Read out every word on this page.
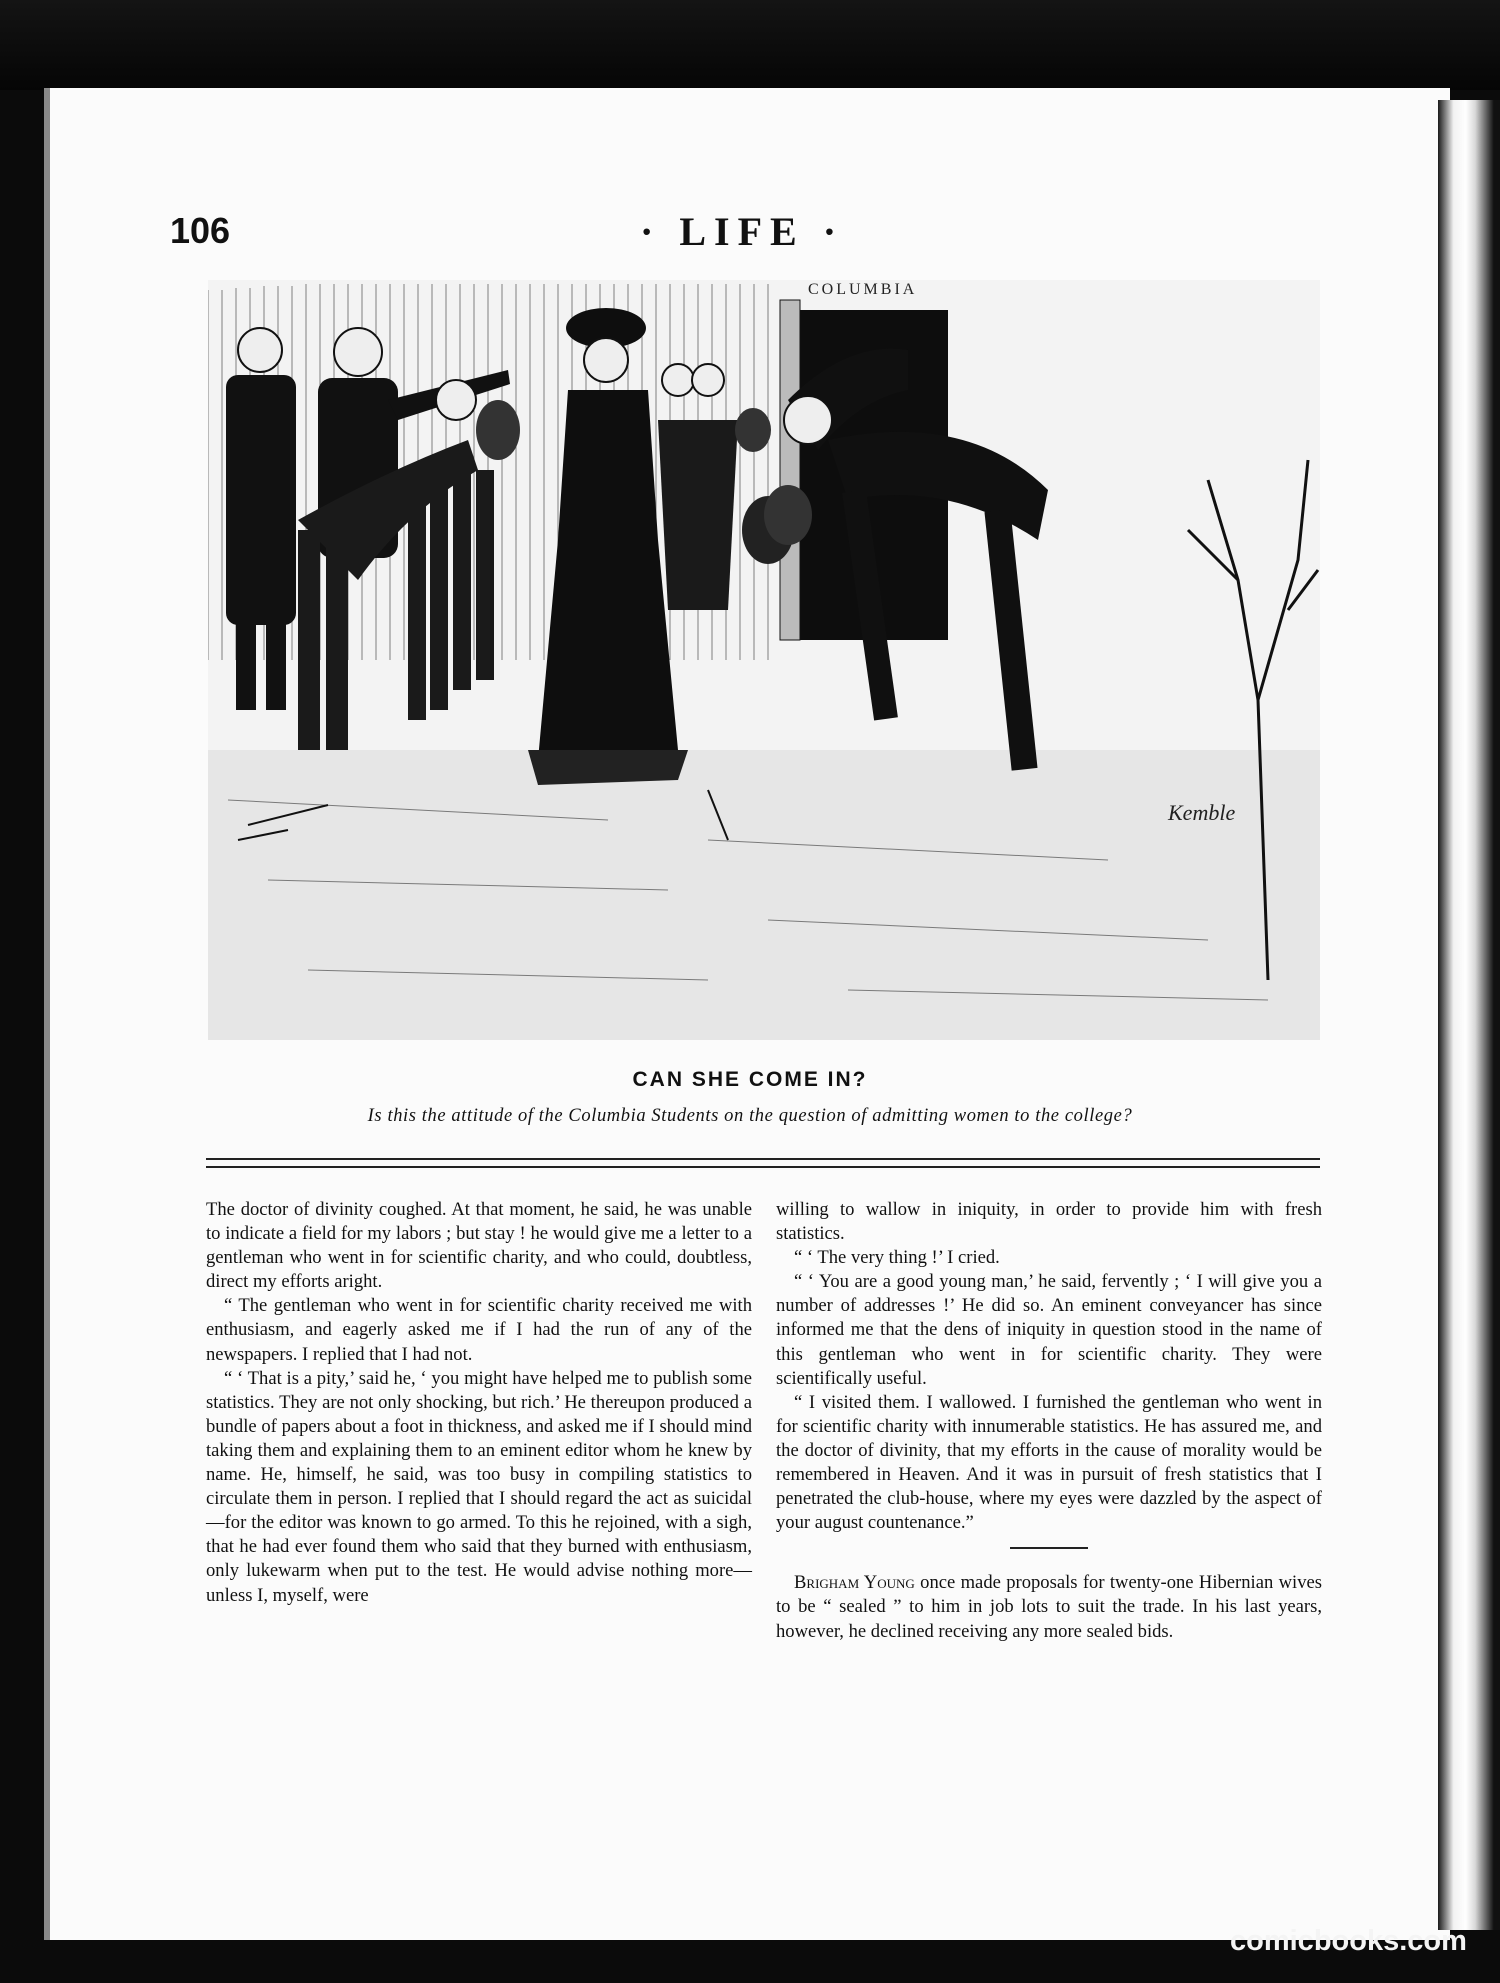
106	· LIFE ·
COLUMBIA
Kemble
CAN SHE COME IN?
Is this the attitude of the Columbia Students on the question of admitting women to the college?

The doctor of divinity coughed. At that moment, he said, he was unable to indicate a field for my labors ; but stay ! he would give me a letter to a gentleman who went in for scientific charity, and who could, doubtless, direct my efforts aright.

“ The gentleman who went in for scientific charity received me with enthusiasm, and eagerly asked me if I had the run of any of the newspapers. I replied that I had not.

“ ‘ That is a pity,’ said he, ‘ you might have helped me to publish some statistics. They are not only shocking, but rich.’ He thereupon produced a bundle of papers about a foot in thickness, and asked me if I should mind taking them and explaining them to an eminent editor whom he knew by name. He, himself, he said, was too busy in compiling statistics to circulate them in person. I replied that I should regard the act as suicidal—for the editor was known to go armed. To this he rejoined, with a sigh, that he had ever found them who said that they burned with enthusiasm, only lukewarm when put to the test. He would advise nothing more—unless I, myself, were

willing to wallow in iniquity, in order to provide him with fresh statistics.

“ ‘ The very thing !’ I cried.

“ ‘ You are a good young man,’ he said, fervently ; ‘ I will give you a number of addresses !’ He did so. An eminent conveyancer has since informed me that the dens of iniquity in question stood in the name of this gentleman who went in for scientific charity. They were scientifically useful.

“ I visited them. I wallowed. I furnished the gentleman who went in for scientific charity with innumerable statistics. He has assured me, and the doctor of divinity, that my efforts in the cause of morality would be remembered in Heaven. And it was in pursuit of fresh statistics that I penetrated the club-house, where my eyes were dazzled by the aspect of your august countenance.”

Brigham Young once made proposals for twenty-one Hibernian wives to be “ sealed ” to him in job lots to suit the trade. In his last years, however, he declined receiving any more sealed bids.

comicbooks.com
